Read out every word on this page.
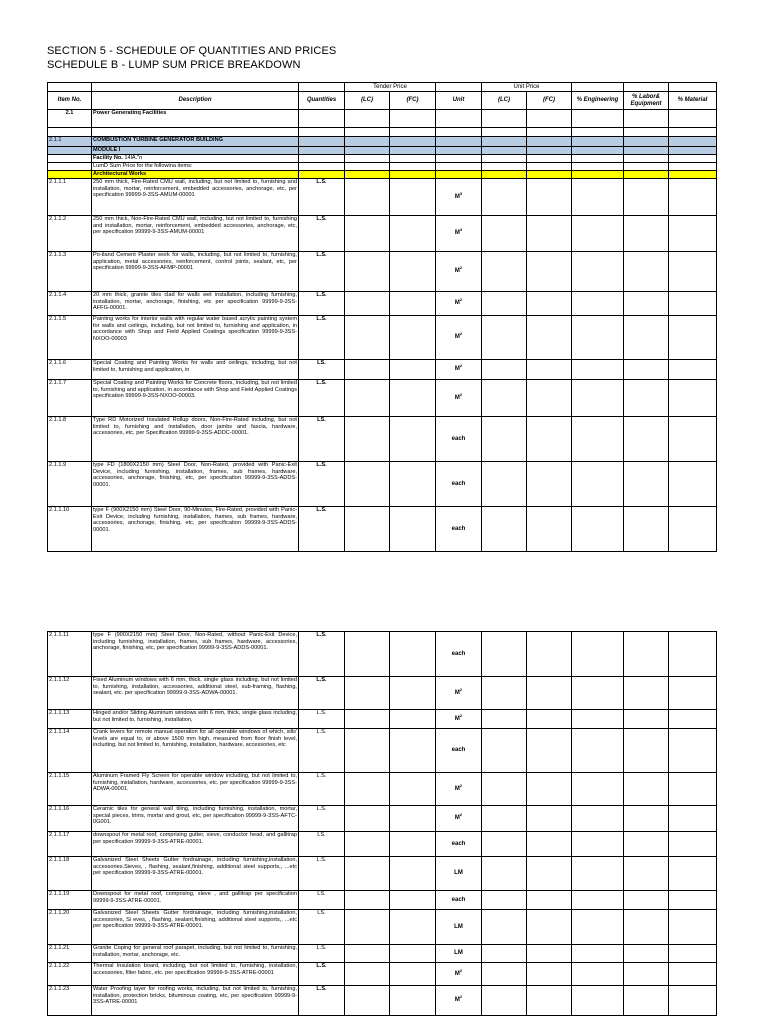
SECTION 5 - SCHEDULE OF QUANTITIES AND PRICES
SCHEDULE B - LUMP SUM PRICE BREAKDOWN
			Tender Price			Unit Price				
Item No.	Description	Quantities	(LC)	(FC)	Unit	(LC)	(FC)	% Engineering	% Labor& Equipment	% Material
2.1	Power Generatinq Facilities									

2.1.1	COMBUSTION TURBINE GENERATOR BUILDING									
	MODULE I									
	Facility No. 14lA."n									
	LumD Sum Price for the followina items:									
	Architectural Works									
2.1.1.1	250 mm thick, Fire-Rated CMU wall, including, but not limited to, furnishing and installation, mortar, reinforcement, embedded accessories, anchorage, etc, per specification 99999-9-3SS-AMUM-00001	L.S.			$M^3$					
2.1.1.2	250 mm thick, Non-Fire-Rated CMU wall, including, but not limited to, furnishing and installation, mortar, reinforcement, embedded accessories, anchorage, etc, per specification 99999-9-3SS-AMUM-00001	L.S.			$M^3$					
2.1.1.3	Po-tland Cement Plaster work for walls, including, but not limited to, furnishing, application, metal accessories, reinforcement, control joints, sealant, etc, per specification 99999-9-3SS-AFMP-00001	L.S.			$M^2$					
2.1.1.4	20 mm thick, granite tiles clad for walls wet installation, including furnishing, installation, mortar, anchorage, finishing, etc per specification 99999-9-3SS-AFFG-00001.	L.S.			$M^2$					
2.1.1.5	Painting works for interior walls with regular water based acrylic painting system for walls and ceilings, including, but not limited to, furnishing and application, in accordance with Shop and Field Applied Coatings specification 99999-9-3SS-NXOO-00003	L.S.			$M^2$					
2.1.1.6	Special Coating and Painting Works for walls and ceilings, including, but not limited to, furnishing and application, in	LS.			$M^2$					
2.1.1.7	Special Coating and Painting Works for Concrete floors, including, but not limited to, furnishing and application, in accordance with Shop and Field Applied Coatings specification 99999-9-3SS-NXOO-00003.	L.S.			$M^2$					
2.1.1.8	Type RD Motorized Insulated Rollup doors, Non-Fire-Rated including, but not limited to, furnishing and installation, door jambs and fascia, hardware, accessories, etc, per Specification 99999-9-3SS-ADDC-00001.	LS.			each					
2.1.1.9	type FD (1800X2150 mm) Steel Door, Non-Rated, provided with Panic-Exit Device, including furnishing, installation, frames, sub frames, hardware, accessories, anchorage, finishing, etc, per specification 99999-9-3SS-ADDS-00001.	L.S.			each					
2.1.1.10	type F (900X2150 mm) Steel Door, 90-Minutes, Fire-Rated, provided with Panic-Exit Device, including furnishing, installation, frames, sub frames, hardware, accessories, anchorage, finishing, etc, per specification 99999-9-3SS-ADDS-00001.	L.S.			each					
2.1.1.11	type F (900X2150 mm) Steel Door, Non-Rated, without Panic-Exit Device, including furnishing, installation, frames, sub frames, hardware, accessories, anchorage, finishing, etc, per specification 99999-9-3SS-ADDS-00001.	L.S.			each					
2.1.1.12	Fixed Aluminum windows with 6 mm, thick, single glass including, but not limited to, furnishing, installation, accessories, additional steel, sub-framing, flashing, sealant, etc. per specification 99999-9-3SS-ADWA-00001.	L.S.			$M^2$					
2.1.1.13	Hinged and/or Sliding Aluminum windows with 6 mm, thick, single glass including, but not limited to, furnishing, installation,	L.S.			$M^2$					
2.1.1.14	Crank levers for remote manual operation for all operable windows of which, sills' levels are equal to, or above 1500 mm high, measured from floor finish level, including, but not limited to, furnishing, installation, hardware, accessories, etc	L.S.			each					
2.1.1.15	Aluminum Framed Fly Screen for operable window including, but not limited to, furnishing, installation, hardware, accessories, etc. per specification 99999-9-3SS-ADWA-00001.	L.S.			$M^2$					
2.1.1.16	Ceramic tiles for general wall tiling, including furnishing, installation, mortar, special pieces, trims, mortar and grout, etc, per specification 99999-9-3SS-AFTC-0G001.	L.S.			$M^2$					
2.1.1.17	downspout for metal roof, comprising gutter, sieve, conductor head, and gallitrap per specification 99999-9-3SS-ATRE-00001.	LS.			each					
2.1.1.18	Galvanized Steel Sheets Gutter fordrainage, including furnishing,installation, accessories.Sieves, , flashing, sealant,finishing, additional steel supports,, ...etc per specification 99999-9-3SS-ATRE-00001.	L.S.			LM					
2.1.1.19	Downspout for metal roof, comprising, sieve , and gallitrap per specification 99999-9-3SS-ATRE-00001.	LS.			each					
2.1.1.20	Galvanized Steel Sheets Gutter fordrainage, including furnishing,installation, accessories, Si eves, , flashing, sealant,finishing, additional steel supports,, ...etc per specification 99999-9-3SS-ATRE-00001.	LS.			LM					
2.1.1.21	Granite Coping for general roof parapet, including, but not limited to, furnishing, installation, mortar, anchorage, etc.	L.S.			LM					
2.1.1.22	Thermal Insulation board, including, but not limited to, furnishing, installation, accessories, filter fabric, etc. per specification 99999-9-3SS-ATRE-00001	L.S.			$M^2$					
2.1.1.23	Water Proofing layer for roofing works, including, but not limited to, furnishing, installation, protection bricks, bituminous coating, etc, per specification 99999-9-3SS-ATRE-00001	L.S.			$M^2$					
